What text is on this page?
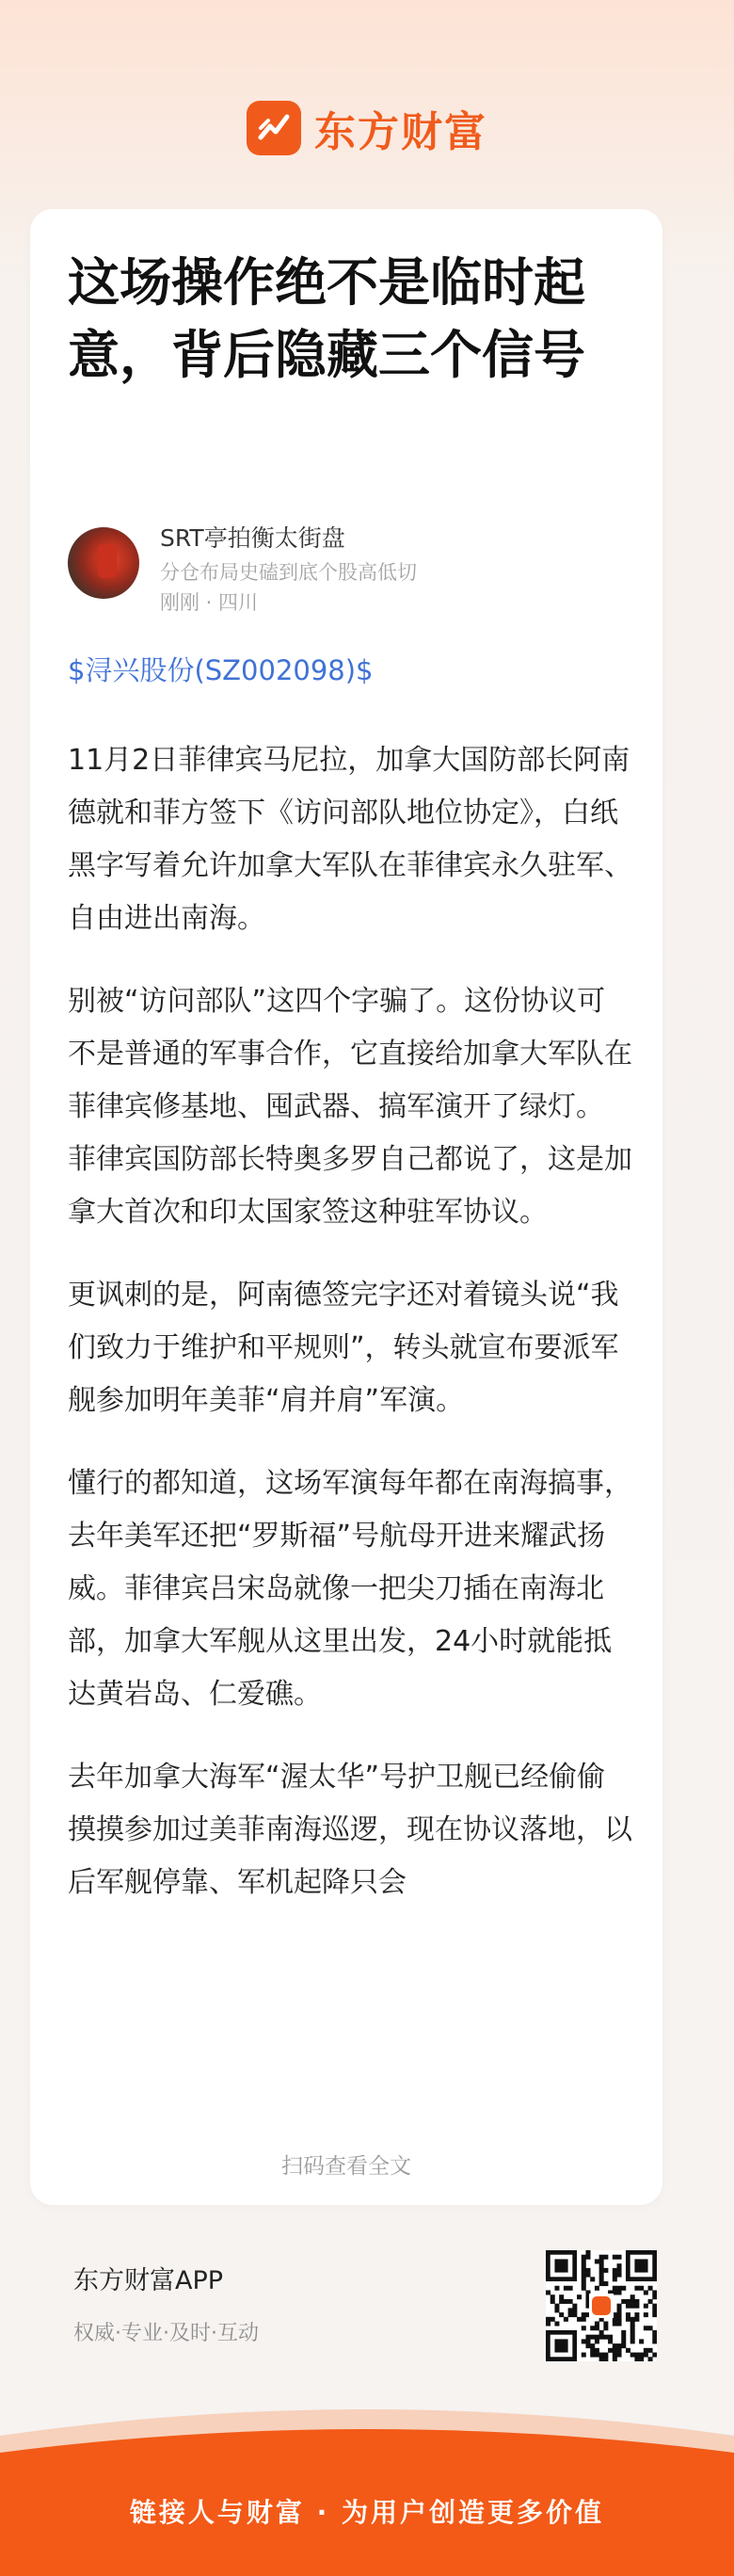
东方财富
这场操作绝不是临时起意，背后隐藏三个信号
SRT亭拍衡太街盘
分仓布局史磕到底个股高低切
刚刚 · 四川
$浔兴股份(SZ002098)$

11月2日菲律宾马尼拉，加拿大国防部长阿南德就和菲方签下《访问部队地位协定》，白纸黑字写着允许加拿大军队在菲律宾永久驻军、自由进出南海。

别被“访问部队”这四个字骗了。这份协议可不是普通的军事合作，它直接给加拿大军队在菲律宾修基地、囤武器、搞军演开了绿灯。　　菲律宾国防部长特奥多罗自己都说了，这是加拿大首次和印太国家签这种驻军协议。

更讽刺的是，阿南德签完字还对着镜头说“我们致力于维护和平规则”，转头就宣布要派军舰参加明年美菲“肩并肩”军演。

懂行的都知道，这场军演每年都在南海搞事，去年美军还把“罗斯福”号航母开进来耀武扬威。菲律宾吕宋岛就像一把尖刀插在南海北部，加拿大军舰从这里出发，24小时就能抵达黄岩岛、仁爱礁。

去年加拿大海军“渥太华”号护卫舰已经偷偷摸摸参加过美菲南海巡逻，现在协议落地，以后军舰停靠、军机起降只会

扫码查看全文
东方财富APP
权威·专业·及时·互动
链接人与财富 · 为用户创造更多价值
